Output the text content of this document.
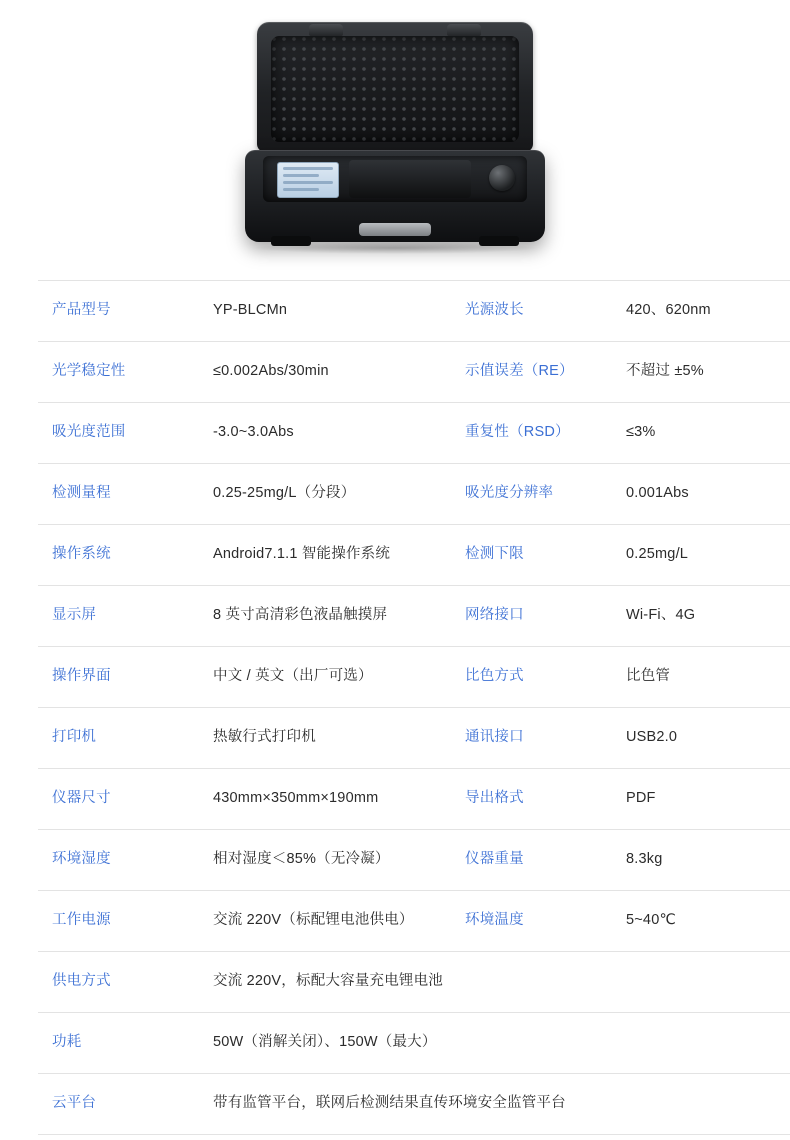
产品型号	YP-BLCMn	光源波长	420、620nm
光学稳定性	≤0.002Abs/30min	示值误差（RE）	不超过 ±5%
吸光度范围	-3.0~3.0Abs	重复性（RSD）	≤3%
检测量程	0.25-25mg/L（分段）	吸光度分辨率	0.001Abs
操作系统	Android7.1.1 智能操作系统	检测下限	0.25mg/L
显示屏	8 英寸高清彩色液晶触摸屏	网络接口	Wi-Fi、4G
操作界面	中文 / 英文（出厂可选）	比色方式	比色管
打印机	热敏行式打印机	通讯接口	USB2.0
仪器尺寸	430mm×350mm×190mm	导出格式	PDF
环境湿度	相对湿度＜85%（无冷凝）	仪器重量	8.3kg
工作电源	交流 220V（标配锂电池供电）	环境温度	5~40℃
供电方式	交流 220V，标配大容量充电锂电池		
功耗	50W（消解关闭）、150W（最大）		
云平台	带有监管平台，联网后检测结果直传环境安全监管平台		
